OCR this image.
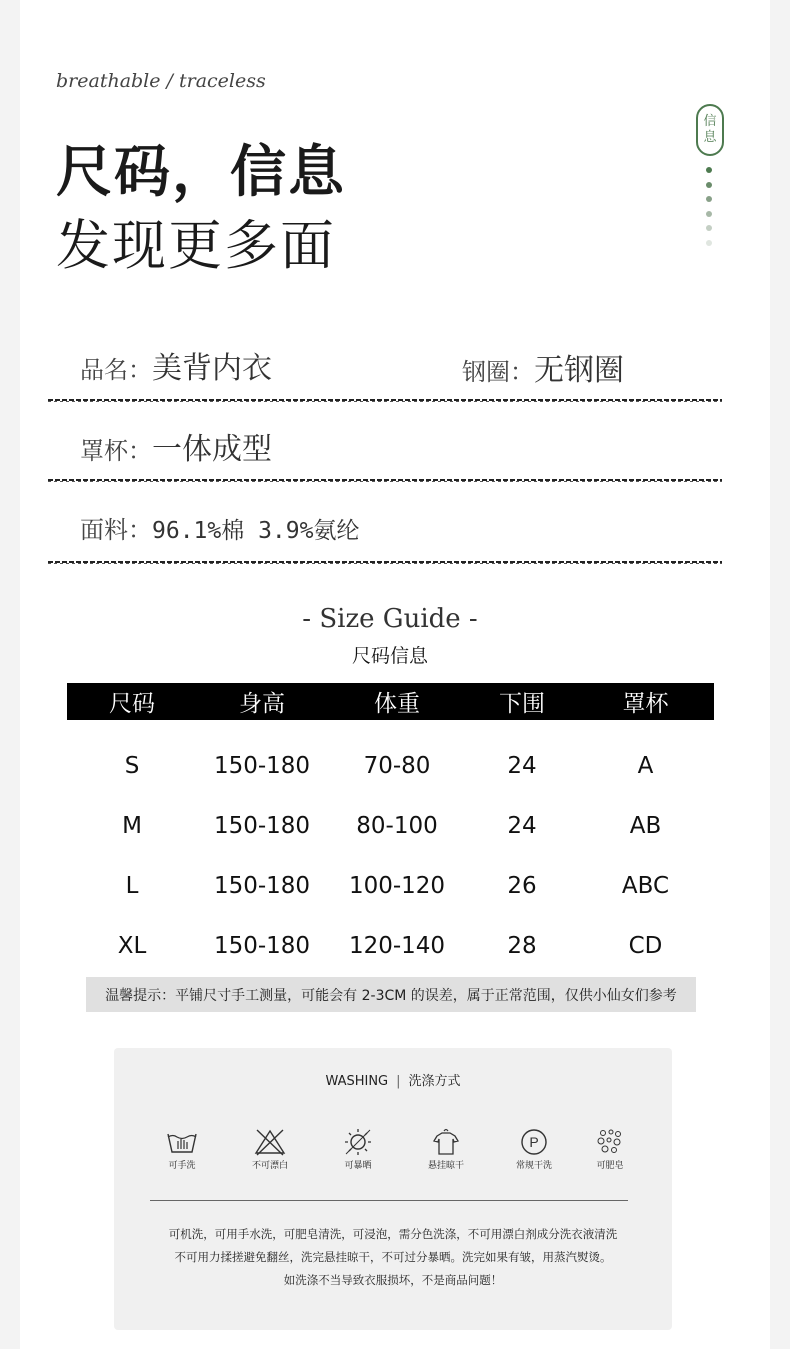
breathable / traceless
尺码，信息
发现更多面
信
息
品名：美背内衣	钢圈：无钢圈
罩杯：一体成型
面料：96.1%棉 3.9%氨纶
- Size Guide -
尺码信息
尺码	身高	体重	下围	罩杯
S	150-180	70-80	24	A
M	150-180	80-100	24	AB
L	150-180	100-120	26	ABC
XL	150-180	120-140	28	CD
温馨提示：平铺尺寸手工测量，可能会有 2-3CM 的误差，属于正常范围，仅供小仙女们参考
WASHING | 洗涤方式
可手洗	不可漂白	可暴晒	悬挂晾干
P
常规干洗	可肥皂
可机洗，可用手水洗，可肥皂清洗，可浸泡，需分色洗涤，不可用漂白剂成分洗衣液清洗
不可用力揉搓避免翻丝，洗完悬挂晾干，不可过分暴晒。洗完如果有皱，用蒸汽熨烫。
如洗涤不当导致衣服损坏，不是商品问题！
